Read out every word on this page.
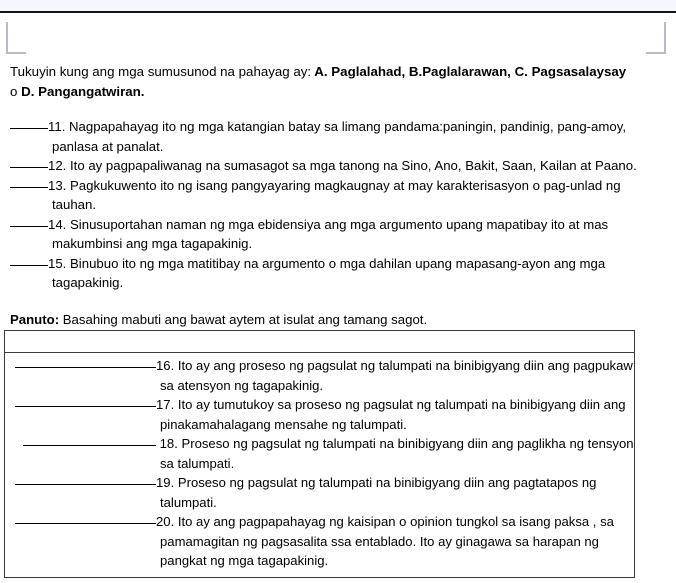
Tukuyin kung ang mga sumusunod na pahayag ay: A. Paglalahad, B.Paglalarawan, C. Pagsasalaysay
o D. Pangangatwiran.
11. Nagpapahayag ito ng mga katangian batay sa limang pandama:paningin, pandinig, pang-amoy, panlasa at panalat.
12. Ito ay pagpapaliwanag na sumasagot sa mga tanong na Sino, Ano, Bakit, Saan, Kailan at Paano.
13. Pagkukuwento ito ng isang pangyayaring magkaugnay at may karakterisasyon o pag-unlad ng tauhan.
14. Sinusuportahan naman ng mga ebidensiya ang mga argumento upang mapatibay ito at mas makumbinsi ang mga tagapakinig.
15. Binubuo ito ng mga matitibay na argumento o mga dahilan upang mapasang-ayon ang mga tagapakinig.
Panuto: Basahing mabuti ang bawat aytem at isulat ang tamang sagot.
16. Ito ay ang proseso ng pagsulat ng talumpati na binibigyang diin ang pagpukaw sa atensyon ng tagapakinig.
17. Ito ay tumutukoy sa proseso ng pagsulat ng talumpati na binibigyang diin ang pinakamahalagang mensahe ng talumpati.
18. Proseso ng pagsulat ng talumpati na binibigyang diin ang paglikha ng tensyon sa talumpati.
19. Proseso ng pagsulat ng talumpati na binibigyang diin ang pagtatapos ng talumpati.
20. Ito ay ang pagpapahayag ng kaisipan o opinion tungkol sa isang paksa , sa pamamagitan ng pagsasalita ssa entablado. Ito ay ginagawa sa harapan ng pangkat ng mga tagapakinig.
